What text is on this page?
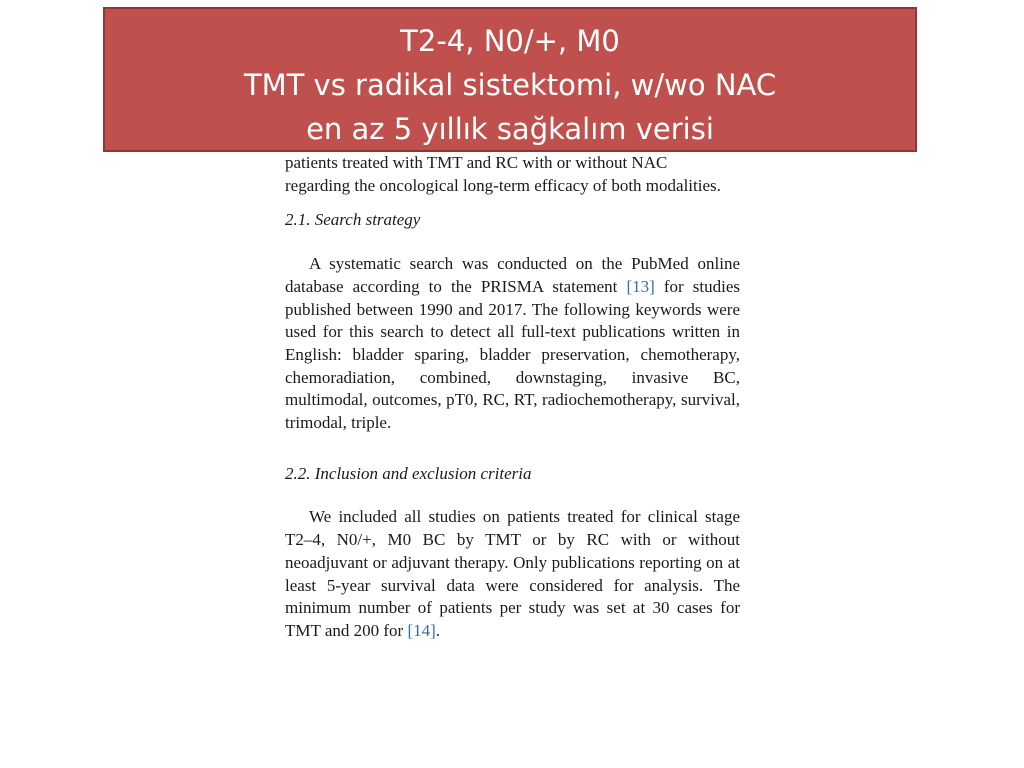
patients treated with TMT and RC with or without NAC
regarding the oncological long-term efficacy of both modalities.

2.1. Search strategy

A systematic search was conducted on the PubMed online database according to the PRISMA statement [13] for studies published between 1990 and 2017. The following keywords were used for this search to detect all full-text publications written in English: bladder sparing, bladder preservation, chemotherapy, chemoradiation, combined, downstaging, invasive BC, multimodal, outcomes, pT0, RC, RT, radiochemotherapy, survival, trimodal, triple.

2.2. Inclusion and exclusion criteria

We included all studies on patients treated for clinical stage T2–4, N0/+, M0 BC by TMT or by RC with or without neoadjuvant or adjuvant therapy. Only publications reporting on at least 5-year survival data were considered for analysis. The minimum number of patients per study was set at 30 cases for TMT and 200 for [14].

T2-4, N0/+, M0
TMT vs radikal sistektomi, w/wo NAC
en az 5 yıllık sağkalım verisi
